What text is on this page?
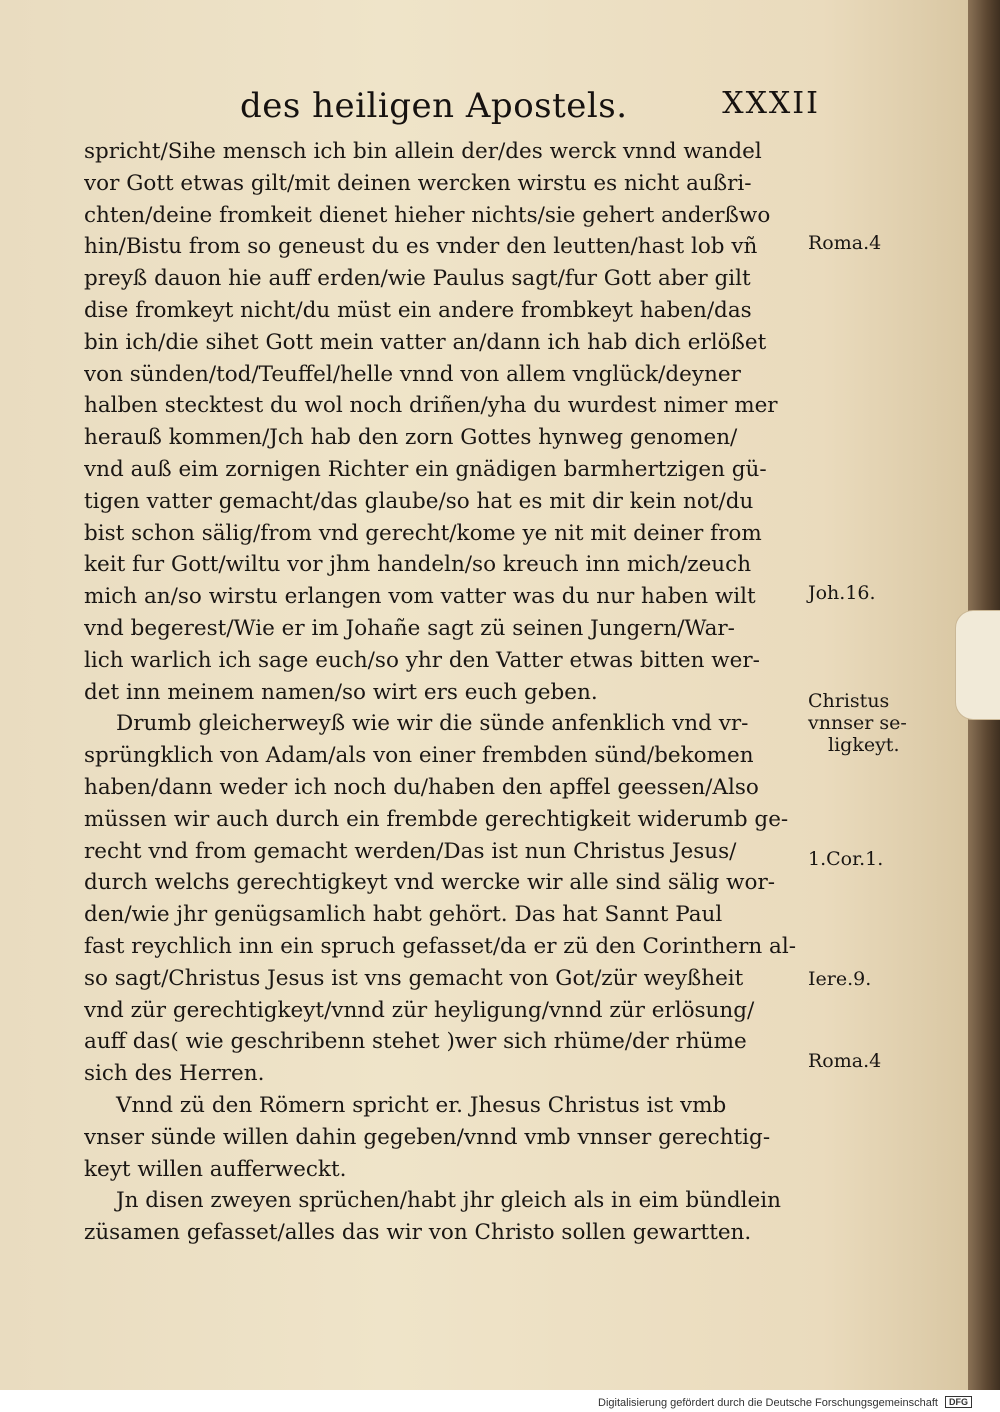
des heiligen Apostels.	XXXII
spricht/Sihe mensch ich bin allein der/des werck vnnd wandel
vor Gott etwas gilt/mit deinen wercken wirstu es nicht außri-
chten/deine fromkeit dienet hieher nichts/sie gehert anderßwo
hin/Bistu from so geneust du es vnder den leutten/hast lob vñ
preyß dauon hie auff erden/wie Paulus sagt/fur Gott aber gilt
dise fromkeyt nicht/du müst ein andere frombkeyt haben/das
bin ich/die sihet Gott mein vatter an/dann ich hab dich erlößet
von sünden/tod/Teuffel/helle vnnd von allem vnglück/deyner
halben stecktest du wol noch driñen/yha du wurdest nimer mer
herauß kommen/Jch hab den zorn Gottes hynweg genomen/
vnd auß eim zornigen Richter ein gnädigen barmhertzigen gü-
tigen vatter gemacht/das glaube/so hat es mit dir kein not/du
bist schon sälig/from vnd gerecht/kome ye nit mit deiner from
keit fur Gott/wiltu vor jhm handeln/so kreuch inn mich/zeuch
mich an/so wirstu erlangen vom vatter was du nur haben wilt
vnd begerest/Wie er im Johañe sagt zü seinen Jungern/War-
lich warlich ich sage euch/so yhr den Vatter etwas bitten wer-
det inn meinem namen/so wirt ers euch geben.
Drumb gleicherweyß wie wir die sünde anfenklich vnd vr-
sprüngklich von Adam/als von einer frembden sünd/bekomen
haben/dann weder ich noch du/haben den apffel geessen/Also
müssen wir auch durch ein frembde gerechtigkeit widerumb ge-
recht vnd from gemacht werden/Das ist nun Christus Jesus/
durch welchs gerechtigkeyt vnd wercke wir alle sind sälig wor-
den/wie jhr genügsamlich habt gehört. Das hat Sannt Paul
fast reychlich inn ein spruch gefasset/da er zü den Corinthern al-
so sagt/Christus Jesus ist vns gemacht von Got/zür weyßheit
vnd zür gerechtigkeyt/vnnd zür heyligung/vnnd zür erlösung/
auff das( wie geschribenn stehet )wer sich rhüme/der rhüme
sich des Herren.
Vnnd zü den Römern spricht er. Jhesus Christus ist vmb
vnser sünde willen dahin gegeben/vnnd vmb vnnser gerechtig-
keyt willen aufferweckt.
Jn disen zweyen sprüchen/habt jhr gleich als in eim bündlein
züsamen gefasset/alles das wir von Christo sollen gewartten.
Roma.4
Joh.16.
Christus
vnnser se-
ligkeyt.
1.Cor.1.
Iere.9.
Roma.4
Digitalisierung gefördert durch die Deutsche Forschungsgemeinschaft DFG
